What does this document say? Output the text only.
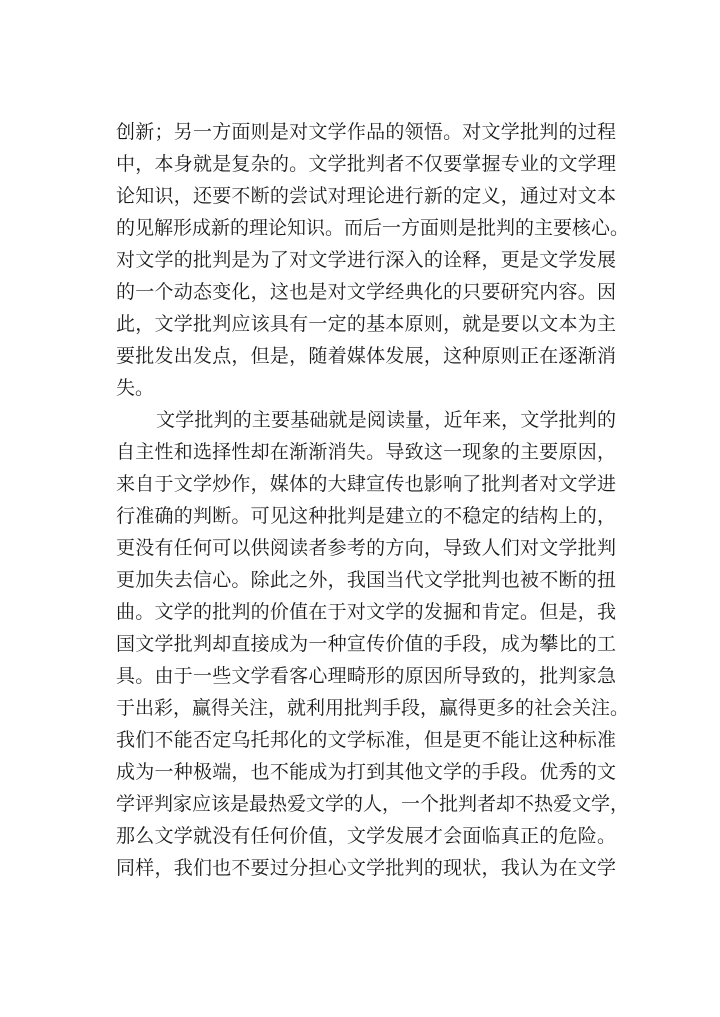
创新；另一方面则是对文学作品的领悟。对文学批判的过程
中，本身就是复杂的。文学批判者不仅要掌握专业的文学理
论知识，还要不断的尝试对理论进行新的定义，通过对文本
的见解形成新的理论知识。而后一方面则是批判的主要核心。
对文学的批判是为了对文学进行深入的诠释，更是文学发展
的一个动态变化，这也是对文学经典化的只要研究内容。因
此，文学批判应该具有一定的基本原则，就是要以文本为主
要批发出发点，但是，随着媒体发展，这种原则正在逐渐消
失。
文学批判的主要基础就是阅读量，近年来，文学批判的
自主性和选择性却在渐渐消失。导致这一现象的主要原因，
来自于文学炒作，媒体的大肆宣传也影响了批判者对文学进
行准确的判断。可见这种批判是建立的不稳定的结构上的，
更没有任何可以供阅读者参考的方向，导致人们对文学批判
更加失去信心。除此之外，我国当代文学批判也被不断的扭
曲。文学的批判的价值在于对文学的发掘和肯定。但是，我
国文学批判却直接成为一种宣传价值的手段，成为攀比的工
具。由于一些文学看客心理畸形的原因所导致的，批判家急
于出彩，赢得关注，就利用批判手段，赢得更多的社会关注。
我们不能否定乌托邦化的文学标准，但是更不能让这种标准
成为一种极端，也不能成为打到其他文学的手段。优秀的文
学评判家应该是最热爱文学的人，一个批判者却不热爱文学，
那么文学就没有任何价值，文学发展才会面临真正的危险。
同样，我们也不要过分担心文学批判的现状，我认为在文学
